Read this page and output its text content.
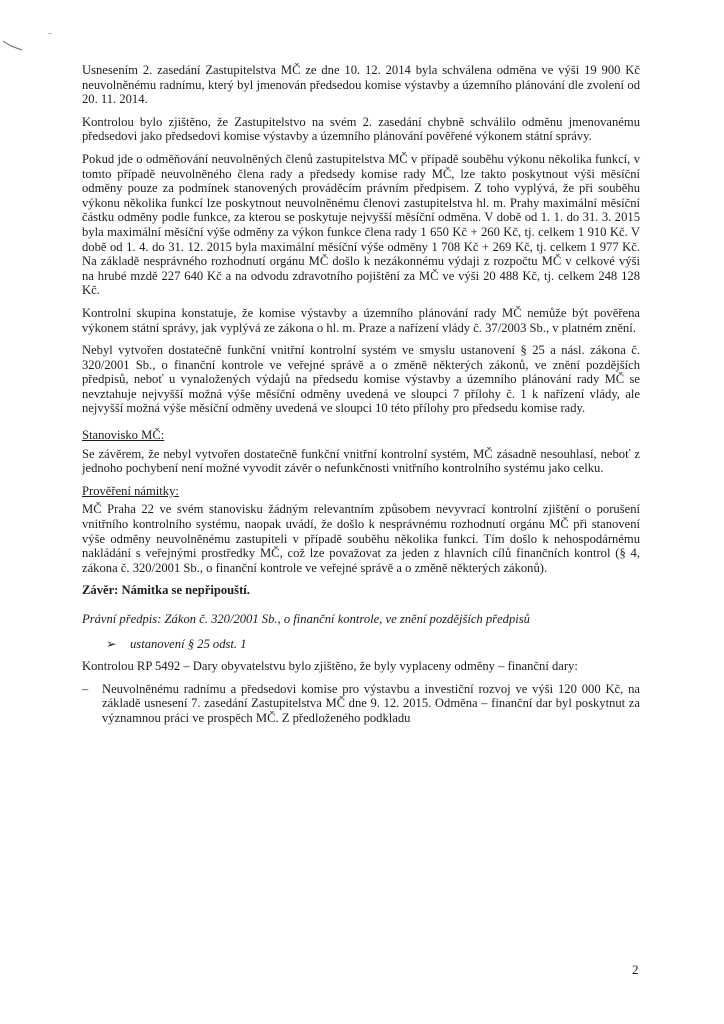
Usnesením 2. zasedání Zastupitelstva MČ ze dne 10. 12. 2014 byla schválena odměna ve výši 19 900 Kč neuvolněnému radnímu, který byl jmenován předsedou komise výstavby a územního plánování dle zvolení od 20. 11. 2014.

Kontrolou bylo zjištěno, že Zastupitelstvo na svém 2. zasedání chybně schválilo odměnu jmenovanému předsedovi jako předsedovi komise výstavby a územního plánování pověřené výkonem státní správy.

Pokud jde o odměňování neuvolněných členů zastupitelstva MČ v případě souběhu výkonu několika funkcí, v tomto případě neuvolněného člena rady a předsedy komise rady MČ, lze takto poskytnout výši měsíční odměny pouze za podmínek stanovených prováděcím právním předpisem. Z toho vyplývá, že při souběhu výkonu několika funkcí lze poskytnout neuvolněnému členovi zastupitelstva hl. m. Prahy maximální měsíční částku odměny podle funkce, za kterou se poskytuje nejvyšší měsíční odměna. V době od 1. 1. do 31. 3. 2015 byla maximální měsíční výše odměny za výkon funkce člena rady 1 650 Kč + 260 Kč, tj. celkem 1 910 Kč. V době od 1. 4. do 31. 12. 2015 byla maximální měsíční výše odměny 1 708 Kč + 269 Kč, tj. celkem 1 977 Kč. Na základě nesprávného rozhodnutí orgánu MČ došlo k nezákonnému výdaji z rozpočtu MČ v celkové výši na hrubé mzdě 227 640 Kč a na odvodu zdravotního pojištění za MČ ve výši 20 488 Kč, tj. celkem 248 128 Kč.

Kontrolní skupina konstatuje, že komise výstavby a územního plánování rady MČ nemůže být pověřena výkonem státní správy, jak vyplývá ze zákona o hl. m. Praze a nařízení vlády č. 37/2003 Sb., v platném znění.

Nebyl vytvořen dostatečně funkční vnitřní kontrolní systém ve smyslu ustanovení § 25 a násl. zákona č. 320/2001 Sb., o finanční kontrole ve veřejné správě a o změně některých zákonů, ve znění pozdějších předpisů, neboť u vynaložených výdajů na předsedu komise výstavby a územního plánování rady MČ se nevztahuje nejvyšší možná výše měsíční odměny uvedená ve sloupci 7 přílohy č. 1 k nařízení vlády, ale nejvyšší možná výše měsíční odměny uvedená ve sloupci 10 této přílohy pro předsedu komise rady.

Stanovisko MČ:

Se závěrem, že nebyl vytvořen dostatečně funkční vnitřní kontrolní systém, MČ zásadně nesouhlasí, neboť z jednoho pochybení není možné vyvodit závěr o nefunkčnosti vnitřního kontrolního systému jako celku.

Prověření námitky:

MČ Praha 22 ve svém stanovisku žádným relevantním způsobem nevyvrací kontrolní zjištění o porušení vnitřního kontrolního systému, naopak uvádí, že došlo k nesprávnému rozhodnutí orgánu MČ při stanovení výše odměny neuvolněnému zastupiteli v případě souběhu několika funkcí. Tím došlo k nehospodárnému nakládání s veřejnými prostředky MČ, což lze považovat za jeden z hlavních cílů finančních kontrol (§ 4, zákona č. 320/2001 Sb., o finanční kontrole ve veřejné správě a o změně některých zákonů).

Závěr: Námitka se nepřipouští.

Právní předpis: Zákon č. 320/2001 Sb., o finanční kontrole, ve znění pozdějších předpisů

➢	ustanovení § 25 odst. 1

Kontrolou RP 5492 – Dary obyvatelstvu bylo zjištěno, že byly vyplaceny odměny – finanční dary:

–	Neuvolněnému radnímu a předsedovi komise pro výstavbu a investiční rozvoj ve výši 120 000 Kč, na základě usnesení 7. zasedání Zastupitelstva MČ dne 9. 12. 2015. Odměna – finanční dar byl poskytnut za významnou práci ve prospěch MČ. Z předloženého podkladu
2
